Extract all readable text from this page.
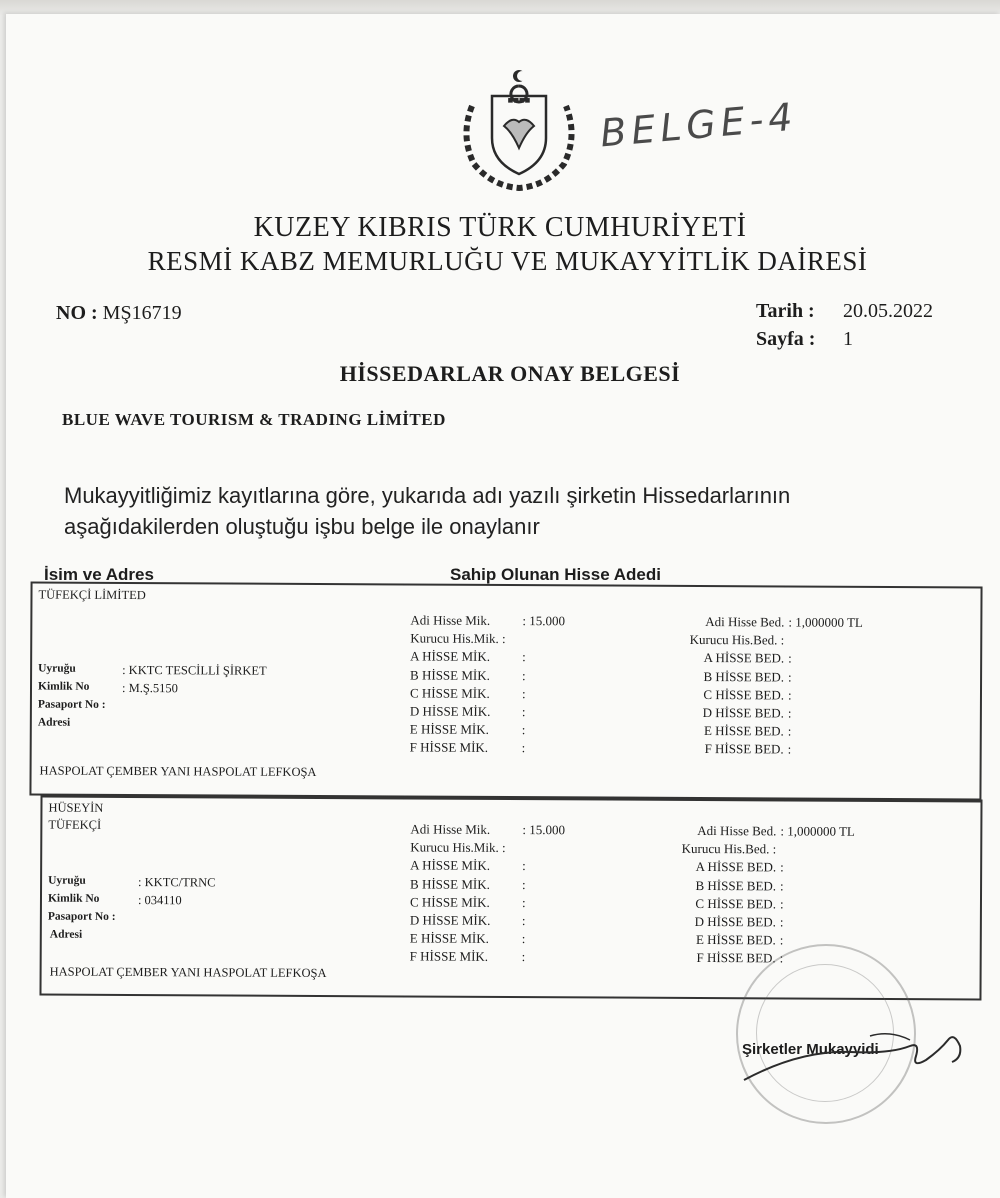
■■■■ BELGE-4
KUZEY KIBRIS TÜRK CUMHURİYETİ
RESMİ KABZ MEMURLUĞU VE MUKAYYİTLİK DAİRESİ
NO : MŞ16719	Tarih : 20.05.2022
Sayfa : 1
HİSSEDARLAR ONAY BELGESİ
BLUE WAVE TOURISM & TRADING LİMİTED
Mukayyitliğimiz kayıtlarına göre, yukarıda adı yazılı şirketin Hissedarlarının aşağıdakilerden oluştuğu işbu belge ile onaylanır
İsim ve Adres	Sahip Olunan Hisse Adedi
TÜFEKÇİ LİMİTED
Uyruğu	: KKTC TESCİLLİ ŞİRKET
Kimlik No	: M.Ş.5150
Pasaport No :
Adresi
HASPOLAT ÇEMBER YANI HASPOLAT LEFKOŞA
Adi Hisse Mik. : 15.000
Kurucu His.Mik. :
A HİSSE MİK. :
B HİSSE MİK. :
C HİSSE MİK. :
D HİSSE MİK. :
E HİSSE MİK.	:
F HİSSE MİK.	:
Adi Hisse Bed. : 1,000000 TL
Kurucu His.Bed. :
A HİSSE BED. :
B HİSSE BED. :
C HİSSE BED. :
D HİSSE BED. :
E HİSSE BED. :
F HİSSE BED. :
HÜSEYİN
TÜFEKÇİ
Uyruğu	: KKTC/TRNC
Kimlik No	: 034110
Pasaport No :
Adresi
HASPOLAT ÇEMBER YANI HASPOLAT LEFKOŞA
Adi Hisse Mik. : 15.000
Kurucu His.Mik. :
A HİSSE MİK. :
B HİSSE MİK. :
C HİSSE MİK. :
D HİSSE MİK. :
E HİSSE MİK.	:
F HİSSE MİK.	:
Adi Hisse Bed. : 1,000000 TL
Kurucu His.Bed. :
A HİSSE BED. :
B HİSSE BED. :
C HİSSE BED. :
D HİSSE BED. :
E HİSSE BED. :
F HİSSE BED. :
Şirketler Mukayyidi
